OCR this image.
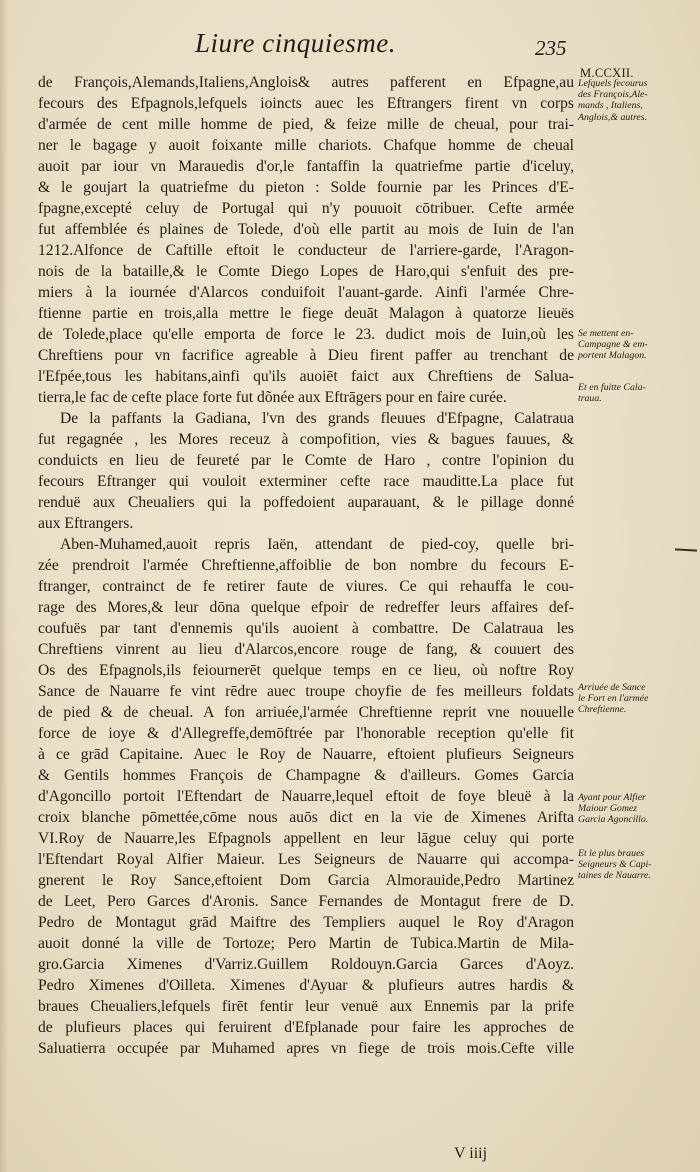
Liure cinquiesme.	235
M.CCXII.
de François,Alemands,Italiens,Anglois& autres pafferent en Efpagne,au
fecours des Efpagnols,lefquels ioincts auec les Eftrangers firent vn corps
d'armée de cent mille homme de pied, & feize mille de cheual, pour trai-
ner le bagage y auoit foixante mille chariots. Chafque homme de cheual
auoit par iour vn Marauedis d'or,le fantaffin la quatriefme partie d'iceluy,
& le goujart la quatriefme du pieton : Solde fournie par les Princes d'E-
fpagne,excepté celuy de Portugal qui n'y pouuoit cōtribuer. Cefte armée
fut affemblée és plaines de Tolede, d'où elle partit au mois de Iuin de l'an
1212.Alfonce de Caftille eftoit le conducteur de l'arriere-garde, l'Aragon-
nois de la bataille,& le Comte Diego Lopes de Haro,qui s'enfuit des pre-
miers à la iournée d'Alarcos conduifoit l'auant-garde. Ainfi l'armée Chre-
ftienne partie en trois,alla mettre le fiege deuāt Malagon à quatorze lieuës
de Tolede,place qu'elle emporta de force le 23. dudict mois de Iuin,où les
Chreftiens pour vn facrifice agreable à Dieu firent paffer au trenchant de
l'Efpée,tous les habitans,ainfi qu'ils auoiēt faict aux Chreftiens de Salua-
tierra,le fac de cefte place forte fut dõnée aux Eftrāgers pour en faire curée.
De la paffants la Gadiana, l'vn des grands fleuues d'Efpagne, Calatraua
fut regagnée , les Mores receuz à compofition, vies & bagues fauues, &
conduicts en lieu de feureté par le Comte de Haro , contre l'opinion du
fecours Eftranger qui vouloit exterminer cefte race mauditte.La place fut
renduë aux Cheualiers qui la poffedoient auparauant, & le pillage donné
aux Eftrangers.
Aben-Muhamed,auoit repris Iaën, attendant de pied-coy, quelle bri-
zée prendroit l'armée Chreftienne,affoiblie de bon nombre du fecours E-
ftranger, contrainct de fe retirer faute de viures. Ce qui rehauffa le cou-
rage des Mores,& leur dōna quelque efpoir de redreffer leurs affaires def-
coufuës par tant d'ennemis qu'ils auoient à combattre. De Calatraua les
Chreftiens vinrent au lieu d'Alarcos,encore rouge de fang, & couuert des
Os des Efpagnols,ils feiournerēt quelque temps en ce lieu, où noftre Roy
Sance de Nauarre fe vint rēdre auec troupe choyfie de fes meilleurs foldats
de pied & de cheual. A fon arriuée,l'armée Chreftienne reprit vne nouuelle
force de ioye & d'Allegreffe,demōftrée par l'honorable reception qu'elle fit
à ce grād Capitaine. Auec le Roy de Nauarre, eftoient plufieurs Seigneurs
& Gentils hommes François de Champagne & d'ailleurs. Gomes Garcia
d'Agoncillo portoit l'Eftendart de Nauarre,lequel eftoit de foye bleuë à la
croix blanche pōmettée,cōme nous auōs dict en la vie de Ximenes Arifta
VI.Roy de Nauarre,les Efpagnols appellent en leur lāgue celuy qui porte
l'Eftendart Royal Alfier Maieur. Les Seigneurs de Nauarre qui accompa-
gnerent le Roy Sance,eftoient Dom Garcia Almorauide,Pedro Martinez
de Leet, Pero Garces d'Aronis. Sance Fernandes de Montagut frere de D.
Pedro de Montagut grād Maiftre des Templiers auquel le Roy d'Aragon
auoit donné la ville de Tortoze; Pero Martin de Tubica.Martin de Mila-
gro.Garcia Ximenes d'Varriz.Guillem Roldouyn.Garcia Garces d'Aoyz.
Pedro Ximenes d'Oilleta. Ximenes d'Ayuar & plufieurs autres hardis &
braues Cheualiers,lefquels firēt fentir leur venuë aux Ennemis par la prife
de plufieurs places qui feruirent d'Efplanade pour faire les approches de
Saluatierra occupée par Muhamed apres vn fiege de trois mois.Cefte ville
Lefquels fecourus
des François,Ale-
mands , Italiens,
Anglois,& autres.
Se mettent en-
Campagne & em-
portent Malagon.
Et en fuitte Cala-
traua.
Arriuée de Sance
le Fort en l'armée
Chreftienne.
Ayant pour Alfier
Maiour Gomez
Garcia Agoncillo.
Et le plus braues
Seigneurs & Capi-
taines de Nauarre.
V iiij
